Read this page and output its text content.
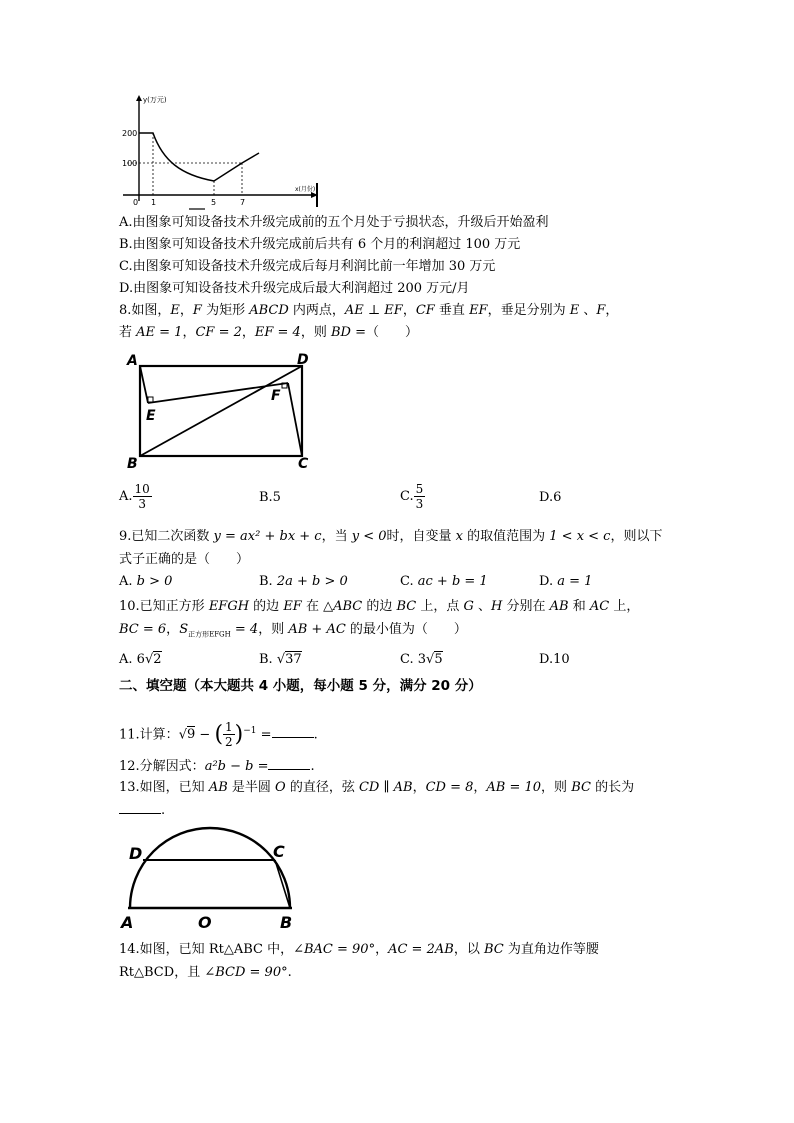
y(万元)
x(月份)
200
100
0 1	5	7
A.由图象可知设备技术升级完成前的五个月处于亏损状态，升级后开始盈利
B.由图象可知设备技术升级完成前后共有 6 个月的利润超过 100 万元
C.由图象可知设备技术升级完成后每月利润比前一年增加 30 万元
D.由图象可知设备技术升级完成后最大利润超过 200 万元/月
8.如图，E，F 为矩形 ABCD 内两点，AE ⊥ EF，CF 垂直 EF，垂足分别为 E 、F，
若 AE = 1，CF = 2，EF = 4，则 BD =（　　）
A	D
E
F
B	C
A. $\frac{10}{3}$	B.5	C. $\frac{5}{3}$	D.6
9.已知二次函数 y = ax² + bx + c，当 y < 0时，自变量 x 的取值范围为 1 < x < c，则以下
式子正确的是（　　）
A. b > 0	B. 2a + b > 0	C. ac + b = 1	D. a = 1
10.已知正方形 EFGH 的边 EF 在 △ABC 的边 BC 上，点 G 、H 分别在 AB 和 AC 上，
BC = 6，$S_{正方形EFGH} = 4$，则 AB + AC 的最小值为（　　）
A. 6√2	B. √37	C. 3√5	D.10
二、填空题（本大题共 4 小题，每小题 5 分，满分 20 分）
11.计算：√9 − ( $\frac{1}{2} )^{-1}$ =	.
12.分解因式：a²b − b =	.
13.如图，已知 AB 是半圆 O 的直径，弦 CD ∥ AB，CD = 8，AB = 10，则 BC 的长为
.
D	C
A	O	B
14.如图，已知 Rt△ABC 中，∠BAC = 90°，AC = 2AB，以 BC 为直角边作等腰
Rt△BCD，且 ∠BCD = 90°.
